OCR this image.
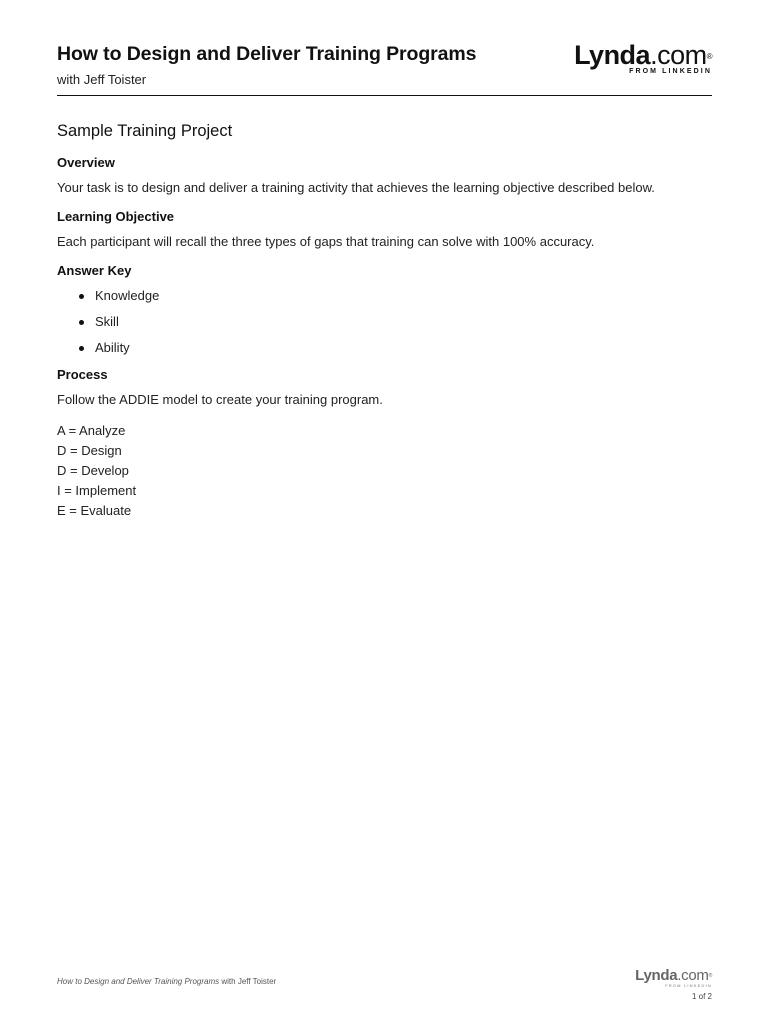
How to Design and Deliver Training Programs
with Jeff Toister
Lynda.com®
FROM LINKEDIN
Sample Training Project
Overview

Your task is to design and deliver a training activity that achieves the learning objective described below.

Learning Objective

Each participant will recall the three types of gaps that training can solve with 100% accuracy.

Answer Key
Knowledge
Skill
Ability
Process

Follow the ADDIE model to create your training program.

A = Analyze
D = Design
D = Develop
I = Implement
E = Evaluate
How to Design and Deliver Training Programs with Jeff Toister	Lynda.com®
FROM LINKEDIN
1 of 2
